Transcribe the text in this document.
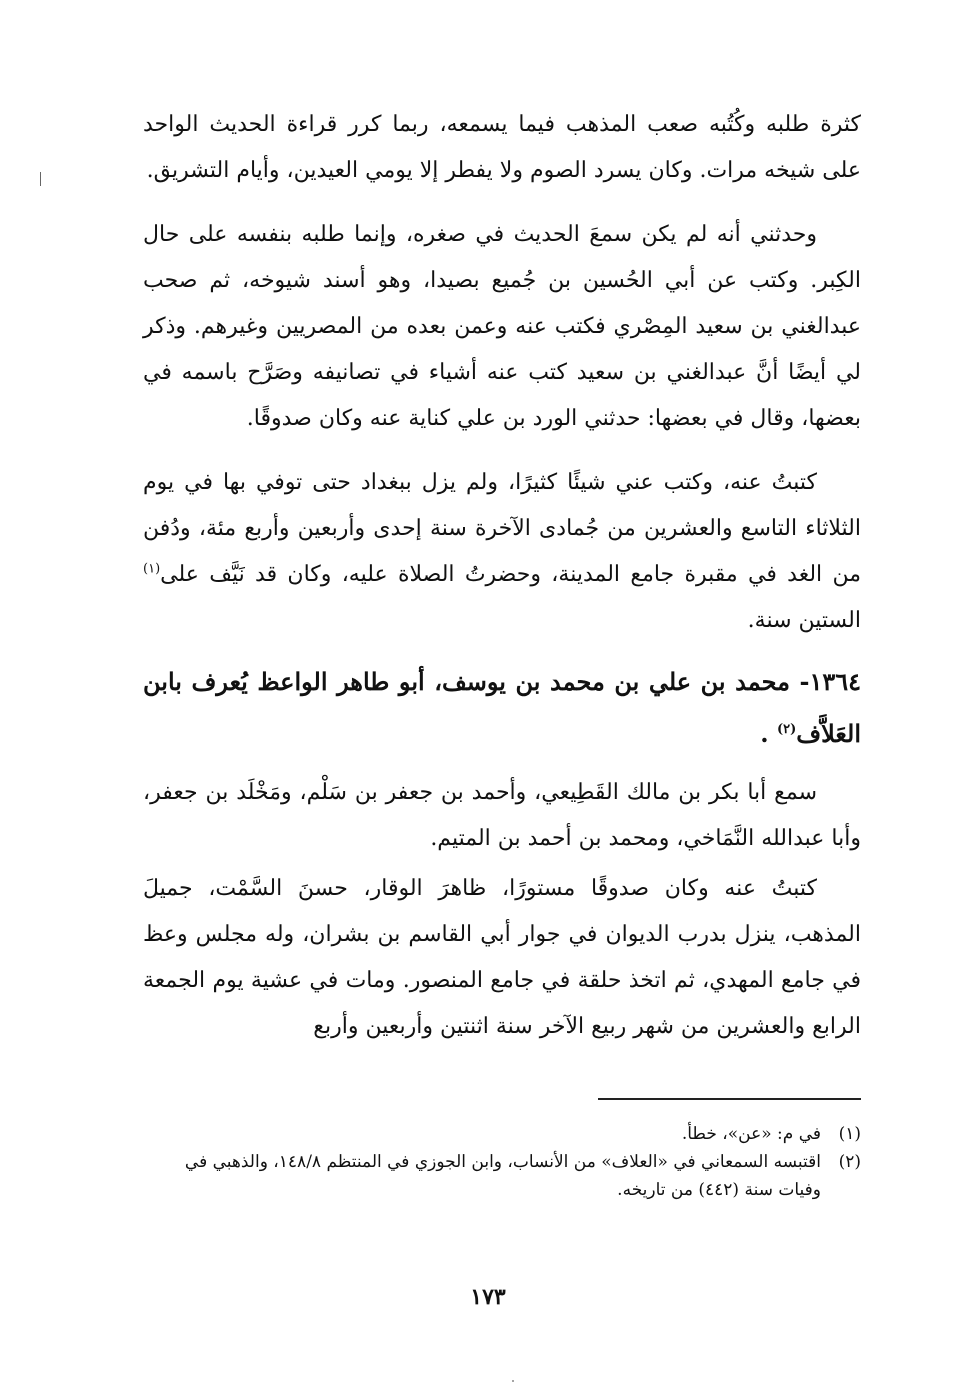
كثرة طلبه وكُتُبه صعب المذهب فيما يسمعه، ربما كرر قراءة الحديث الواحد على شيخه مرات. وكان يسرد الصوم ولا يفطر إلا يومي العيدين، وأيام التشريق.

وحدثني أنه لم يكن سمعَ الحديث في صغره، وإنما طلبه بنفسه على حال الكِبر. وكتب عن أبي الحُسين بن جُميع بصيدا، وهو أسند شيوخه، ثم صحب عبدالغني بن سعيد المِصْري فكتب عنه وعمن بعده من المصريين وغيرهم. وذكر لي أيضًا أنَّ عبدالغني بن سعيد كتب عنه أشياء في تصانيفه وصَرَّح باسمه في بعضها، وقال في بعضها: حدثني الورد بن علي كناية عنه وكان صدوقًا.

كتبتُ عنه، وكتب عني شيئًا كثيرًا، ولم يزل ببغداد حتى توفي بها في يوم الثلاثاء التاسع والعشرين من جُمادى الآخرة سنة إحدى وأربعين وأربع مئة، ودُفن من الغد في مقبرة جامع المدينة، وحضرتُ الصلاة عليه، وكان قد نَيَّف على$^{(١)}$ الستين سنة.

١٣٦٤- محمد بن علي بن محمد بن يوسف، أبو طاهر الواعظ يُعرف بابن العَلاَّف$^{(٢)}$ .

سمع أبا بكر بن مالك القَطِيعي، وأحمد بن جعفر بن سَلْم، ومَخْلَد بن جعفر، وأبا عبدالله النَّمَاخي، ومحمد بن أحمد بن المتيم.

كتبتُ عنه وكان صدوقًا مستورًا، ظاهرَ الوقار، حسنَ السَّمْت، جميلَ المذهب، ينزل بدرب الديوان في جوار أبي القاسم بن بشران، وله مجلس وعظ في جامع المهدي، ثم اتخذ حلقة في جامع المنصور. ومات في عشية يوم الجمعة الرابع والعشرين من شهر ربيع الآخر سنة اثنتين وأربعين وأربع

(١)
في م: «عن»، خطأ.
(٢)
اقتبسه السمعاني في «العلاف» من الأنساب، وابن الجوزي في المنتظم ١٤٨/٨، والذهبي في وفيات سنة (٤٤٢) من تاريخه.
١٧٣
